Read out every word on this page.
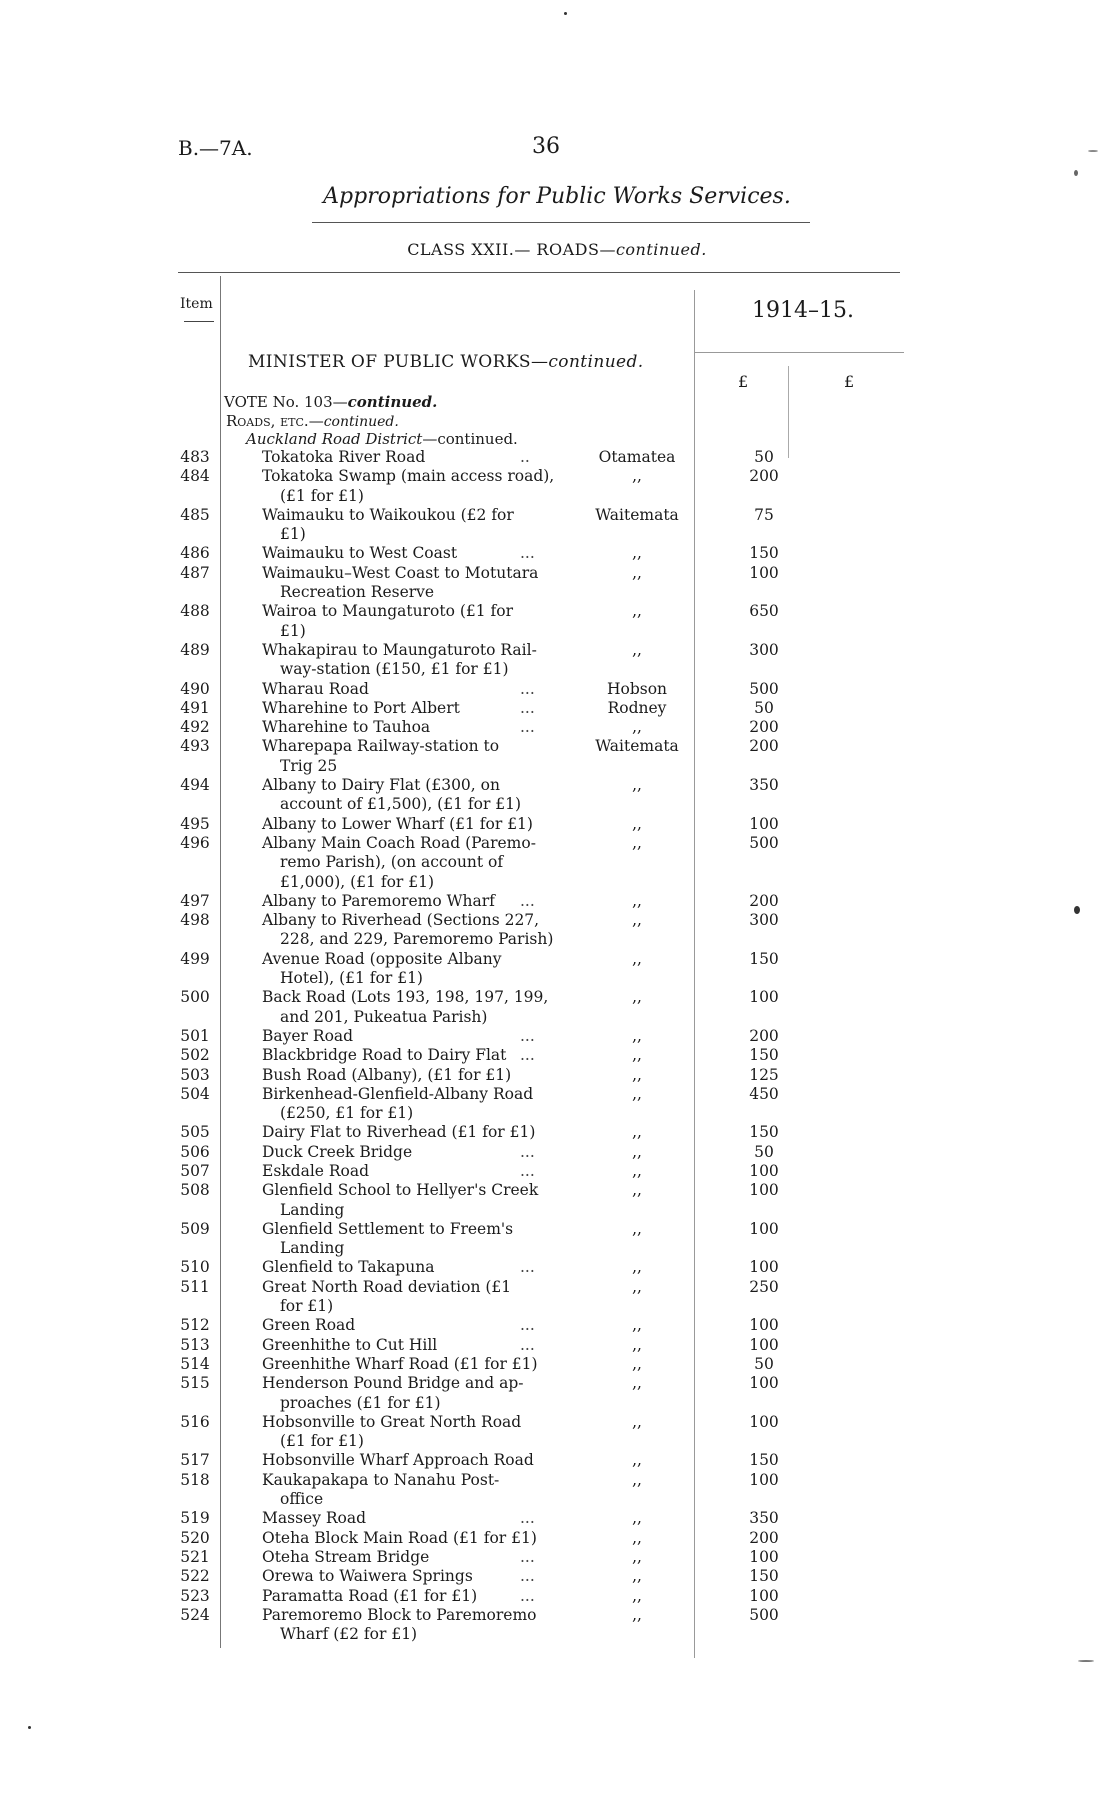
B.—7A.	36
Appropriations for Public Works Services.
CLASS XXII.— ROADS—continued.
Item	1914–15.
£	£
MINISTER OF PUBLIC WORKS—continued.
VOTE No. 103—continued.
Roads, etc.—continued.
Auckland Road District—continued.
483	Tokatoka River Road	..	Otamatea	50
484	Tokatoka Swamp (main access road),
(£1 for £1)
,,	200
485	Waimauku to Waikoukou (£2 for
£1)
Waitemata	75
486	Waimauku to West Coast	...	,,	150
487	Waimauku–West Coast to Motutara
Recreation Reserve
,,	100
488	Wairoa to Maungaturoto (£1 for
£1)
,,	650
489	Whakapirau to Maungaturoto Rail-
way-station (£150, £1 for £1)
,,	300
490	Wharau Road	...	Hobson	500
491	Wharehine to Port Albert	...	Rodney	50
492	Wharehine to Tauhoa	...	,,	200
493	Wharepapa Railway-station to
Trig 25
Waitemata	200
494	Albany to Dairy Flat (£300, on
account of £1,500), (£1 for £1)
,,	350
495	Albany to Lower Wharf (£1 for £1)	,,	100
496	Albany Main Coach Road (Paremo-
remo Parish), (on account of
£1,000), (£1 for £1)
,,	500
497	Albany to Paremoremo Wharf ...	,,	200
498	Albany to Riverhead (Sections 227,
228, and 229, Paremoremo Parish)
,,	300
499	Avenue Road (opposite Albany
Hotel), (£1 for £1)
,,	150
500	Back Road (Lots 193, 198, 197, 199,
and 201, Pukeatua Parish)
,,	100
501	Bayer Road	...	,,	200
502	Blackbridge Road to Dairy Flat ...	,,	150
503	Bush Road (Albany), (£1 for £1)	,,	125
504	Birkenhead-Glenfield-Albany Road
(£250, £1 for £1)
,,	450
505	Dairy Flat to Riverhead (£1 for £1)	,,	150
506	Duck Creek Bridge	...	,,	50
507	Eskdale Road	...	,,	100
508	Glenfield School to Hellyer's Creek
Landing
,,	100
509	Glenfield Settlement to Freem's
Landing
,,	100
510	Glenfield to Takapuna	...	,,	100
511	Great North Road deviation (£1
for £1)
,,	250
512	Green Road	...	,,	100
513	Greenhithe to Cut Hill	...	,,	100
514	Greenhithe Wharf Road (£1 for £1)	,,	50
515	Henderson Pound Bridge and ap-
proaches (£1 for £1)
,,	100
516	Hobsonville to Great North Road
(£1 for £1)
,,	100
517	Hobsonville Wharf Approach Road	,,	150
518	Kaukapakapa to Nanahu Post-
office
,,	100
519	Massey Road	...	,,	350
520	Oteha Block Main Road (£1 for £1)	,,	200
521	Oteha Stream Bridge	...	,,	100
522	Orewa to Waiwera Springs	...	,,	150
523	Paramatta Road (£1 for £1)	...	,,	100
524	Paremoremo Block to Paremoremo
Wharf (£2 for £1)
,,	500
